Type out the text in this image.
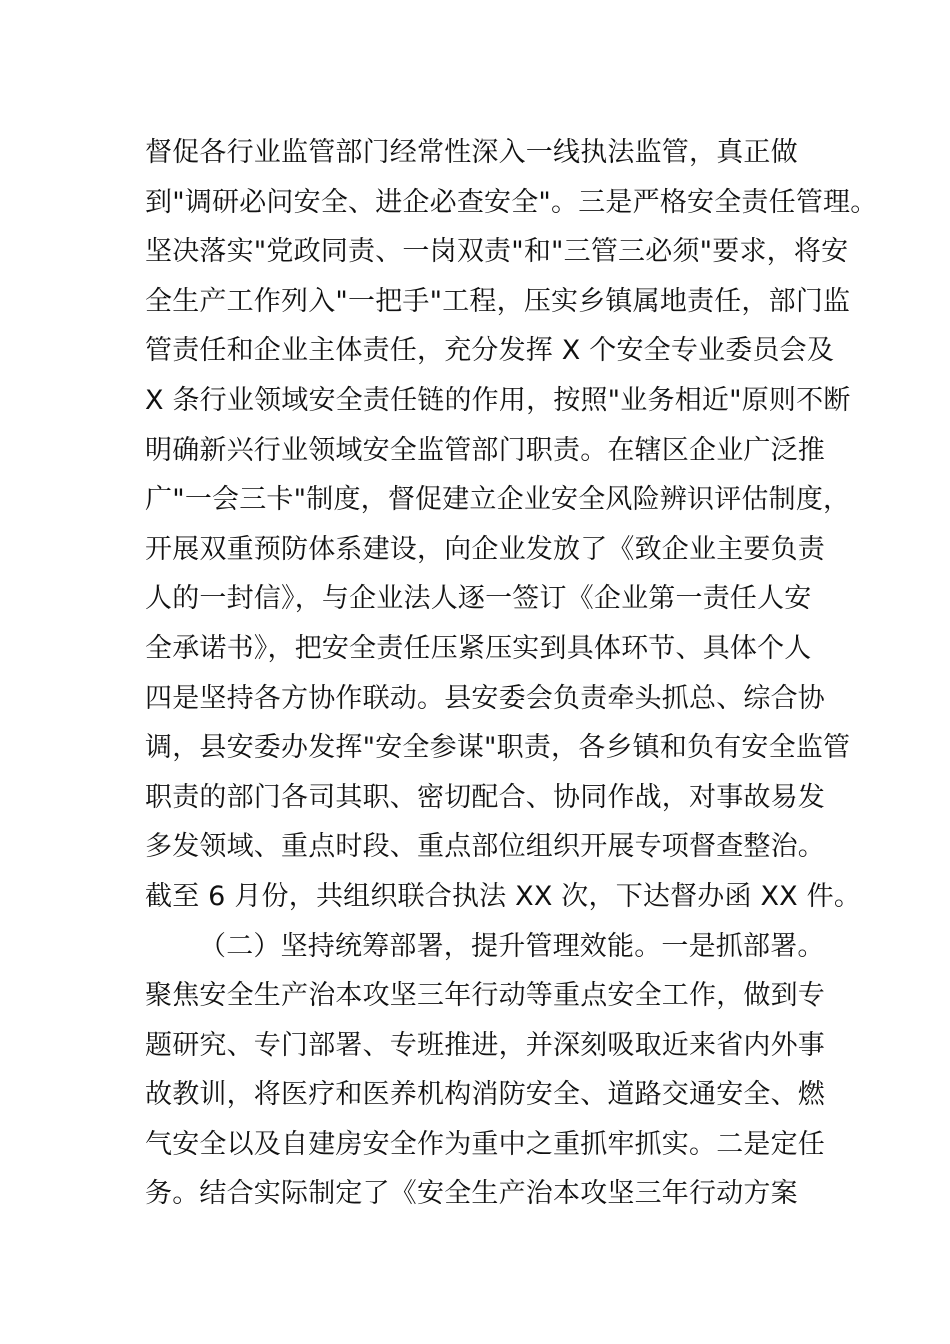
督促各行业监管部门经常性深入一线执法监管，真正做
到"调研必问安全、进企必查安全"。三是严格安全责任管理。
坚决落实"党政同责、一岗双责"和"三管三必须"要求，将安
全生产工作列入"一把手"工程，压实乡镇属地责任，部门监
管责任和企业主体责任，充分发挥 X 个安全专业委员会及
X 条行业领域安全责任链的作用，按照"业务相近"原则不断
明确新兴行业领域安全监管部门职责。在辖区企业广泛推
广"一会三卡"制度，督促建立企业安全风险辨识评估制度，
开展双重预防体系建设，向企业发放了《致企业主要负责
人的一封信》，与企业法人逐一签订《企业第一责任人安
全承诺书》，把安全责任压紧压实到具体环节、具体个人
四是坚持各方协作联动。县安委会负责牵头抓总、综合协
调，县安委办发挥"安全参谋"职责，各乡镇和负有安全监管
职责的部门各司其职、密切配合、协同作战，对事故易发
多发领域、重点时段、重点部位组织开展专项督查整治。
截至 6 月份，共组织联合执法 XX 次，下达督办函 XX 件。
（二）坚持统筹部署，提升管理效能。一是抓部署。
聚焦安全生产治本攻坚三年行动等重点安全工作，做到专
题研究、专门部署、专班推进，并深刻吸取近来省内外事
故教训，将医疗和医养机构消防安全、道路交通安全、燃
气安全以及自建房安全作为重中之重抓牢抓实。二是定任
务。结合实际制定了《安全生产治本攻坚三年行动方案
